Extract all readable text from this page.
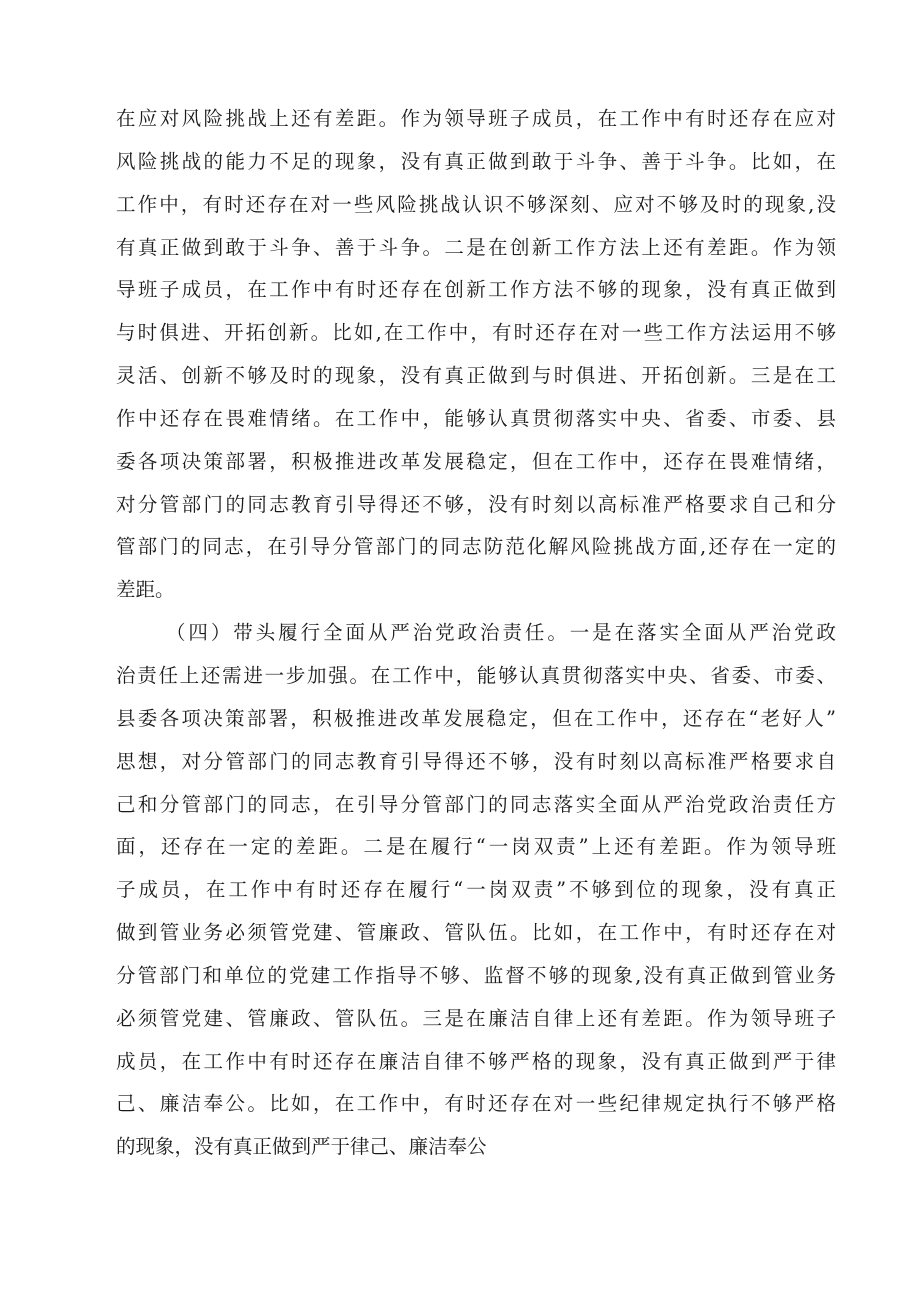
在应对风险挑战上还有差距。作为领导班子成员，在工作中有时还存在应对
风险挑战的能力不足的现象，没有真正做到敢于斗争、善于斗争。比如，在
工作中，有时还存在对一些风险挑战认识不够深刻、应对不够及时的现象,没
有真正做到敢于斗争、善于斗争。二是在创新工作方法上还有差距。作为领
导班子成员，在工作中有时还存在创新工作方法不够的现象，没有真正做到
与时俱进、开拓创新。比如,在工作中，有时还存在对一些工作方法运用不够
灵活、创新不够及时的现象，没有真正做到与时俱进、开拓创新。三是在工
作中还存在畏难情绪。在工作中，能够认真贯彻落实中央、省委、市委、县
委各项决策部署，积极推进改革发展稳定，但在工作中，还存在畏难情绪，
对分管部门的同志教育引导得还不够，没有时刻以高标准严格要求自己和分
管部门的同志，在引导分管部门的同志防范化解风险挑战方面,还存在一定的
差距。
（四）带头履行全面从严治党政治责任。一是在落实全面从严治党政
治责任上还需进一步加强。在工作中，能够认真贯彻落实中央、省委、市委、
县委各项决策部署，积极推进改革发展稳定，但在工作中，还存在“老好人”
思想，对分管部门的同志教育引导得还不够，没有时刻以高标准严格要求自
己和分管部门的同志，在引导分管部门的同志落实全面从严治党政治责任方
面，还存在一定的差距。二是在履行“一岗双责”上还有差距。作为领导班
子成员，在工作中有时还存在履行“一岗双责”不够到位的现象，没有真正
做到管业务必须管党建、管廉政、管队伍。比如，在工作中，有时还存在对
分管部门和单位的党建工作指导不够、监督不够的现象,没有真正做到管业务
必须管党建、管廉政、管队伍。三是在廉洁自律上还有差距。作为领导班子
成员，在工作中有时还存在廉洁自律不够严格的现象，没有真正做到严于律
己、廉洁奉公。比如，在工作中，有时还存在对一些纪律规定执行不够严格
的现象，没有真正做到严于律己、廉洁奉公
